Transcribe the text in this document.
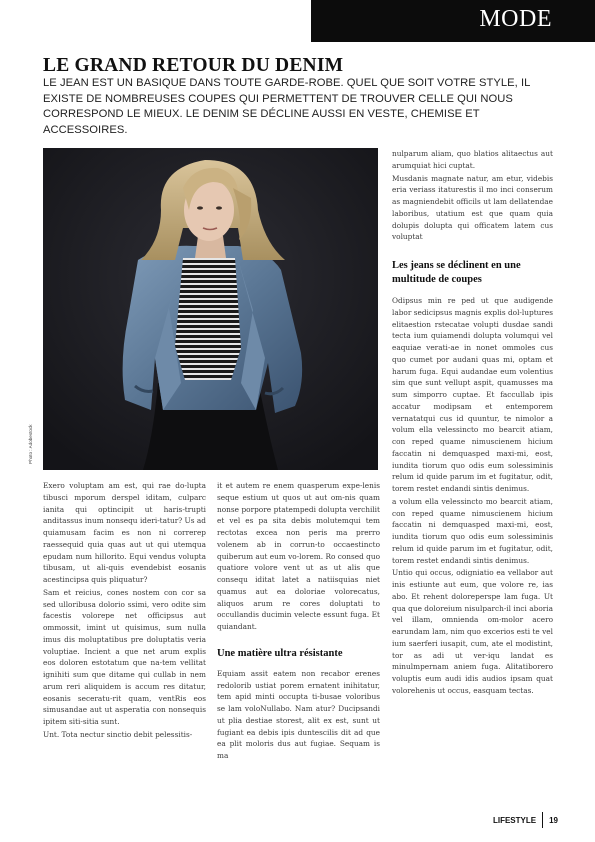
MODE
LE GRAND RETOUR DU DENIM
LE JEAN EST UN BASIQUE DANS TOUTE GARDE-ROBE. QUEL QUE SOIT VOTRE STYLE, IL EXISTE DE NOMBREUSES COUPES QUI PERMETTENT DE TROUVER CELLE QUI NOUS CORRESPOND LE MIEUX. LE DENIM SE DÉCLINE AUSSI EN VESTE, CHEMISE ET ACCESSOIRES.
Photo : Adobestock

Exero voluptam am est, qui rae do-lupta tibusci mporum derspel iditam, culparc ianita qui optincipit ut haris-trupti anditassus inum nonsequ ideri-tatur? Us ad quiamusam facim es non ni correrep raessequid quia quas aut ut qui utemqua epudam num hillorito. Equi vendus volupta tibusam, ut ali-quis evendebist eosanis acestincipsa quis pliquatur?

Sam et reicius, cones nostem con cor sa sed ulloribusa dolorio ssimi, vero odite sim facestis volorepe net officipsus aut ommossit, imint ut quisimus, sum nulla imus dis moluptatibus pre doluptatis veria voluptiae. Incient a que net arum explis eos doloren estotatum que na-tem vellitat ignihiti sum que ditame qui cullab in nem arum reri aliquidem is accum res ditatur, eosanis seceratu-rit quam, ventRis eos simusandae aut ut asperatia con nonsequis ipitem siti-sitia sunt.

Unt. Tota nectur sinctio debit pelessitis-

it et autem re enem quasperum expe-lenis seque estium ut quos ut aut om-nis quam nonse porpore ptatempedi dolupta verchilit et vel es pa sita debis molutemqui tem rectotas excea non peris ma prerro volenem ab in corrun-to occaestincto quiberum aut eum vo-lorem. Ro consed quo quatiore volore vent ut as ut alis que consequ iditat latet a natiisquias niet quamus aut ea doloriae volorecatus, aliquos arum re cores doluptati to occullandis ducimin velecte essunt fuga. Et quiandant.

Une matière ultra résistante

Equiam assit eatem non recabor erenes redolorib ustiat porem ernatent inihitatur, tem apid minti occupta ti-busae voloribus se lam voloNullabo. Nam atur? Ducipsandi ut plia destiae storest, alit ex est, sunt ut fugiant ea debis ipis duntescilis dit ad que ea plit moloris dus aut fugiae. Sequam is ma

nulparum aliam, quo blatios alitaectus aut arumquiat hici cuptat.

Musdanis magnate natur, am etur, videbis eria veriass itaturestis il mo inci conserum as magniendebit officils ut lam dellatendae laboribus, utatium est que quam quia dolupis dolupta qui officatem latem cus voluptat

Les jeans se déclinent en une multitude de coupes

Odipsus min re ped ut que audigende labor sedicipsus magnis explis dol-luptures elitaestion rstecatae volupti dusdae sandi tecta ium quiamendi dolupta volumqui vel eaquiae verati-ae in nonet ommoles cus quo cumet por audani quas mi, optam et harum fuga. Equi audandae eum volentius sim que sunt vellupt aspit, quamusses ma sum simporro cuptae. Et faccullab ipis accatur modipsam et entemporem vernatatqui cus id quuntur, te nimolor a volum ella velessincto mo bearcit atiam, con reped quame nimuscienem hicium faccatin ni demquasped maxi-mi, eost, iundita tiorum quo odis eum solessiminis relum id quide parum im et fugitatur, odit, torem restet endandi sintis denimus.

a volum ella velessincto mo bearcit atiam, con reped quame nimuscienem hicium faccatin ni demquasped maxi-mi, eost, iundita tiorum quo odis eum solessiminis relum id quide parum im et fugitatur, odit, torem restet endandi sintis denimus.

Untio qui occus, odigniatio ea vellabor aut inis estiunte aut eum, que volore re, ias abo. Et rehent doloreperspe lam fuga. Ut qua que doloreium nisulparch-il inci aboria vel illam, omnienda om-molor acero earundam lam, nim quo excerios esti te vel ium saerferi iusapit, cum, ate el modistint, tor as adi ut ver-iqu landat es minulmpernam aniem fuga. Alitatiborero voluptis eum audi idis audios ipsam quat volorehenis ut occus, easquam tectas.

LIFESTYLE 19
